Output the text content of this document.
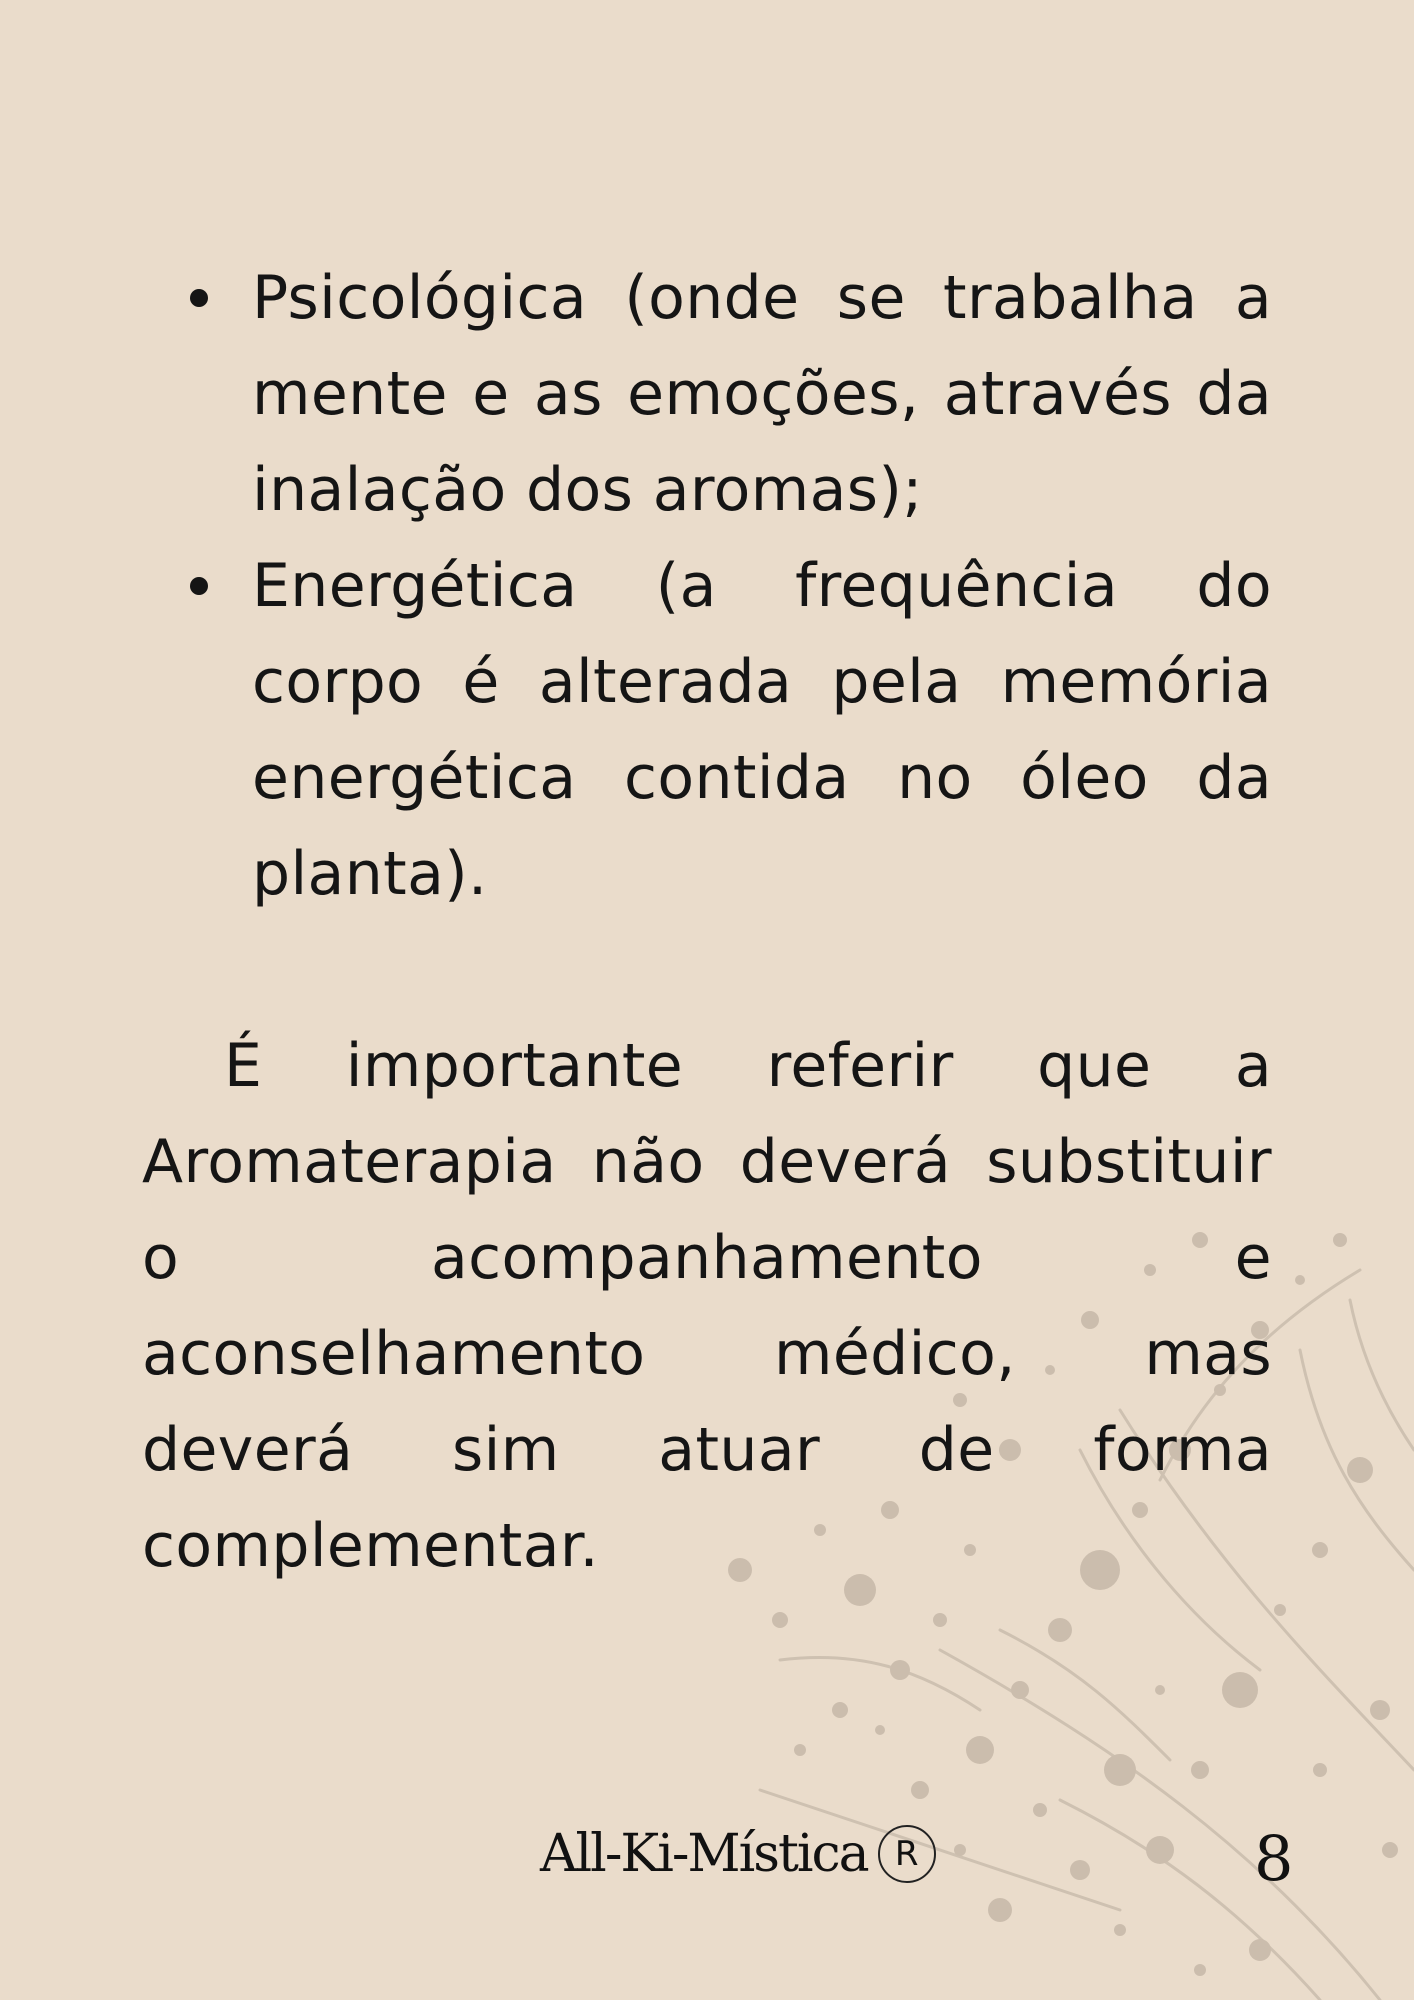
Psicológica (onde se trabalha a mente e as emoções, através da inalação dos aromas);
Energética (a frequência do corpo é alterada pela memória energética contida no óleo da planta).

É importante referir que a Aromaterapia não deverá substituir o acompanhamento e aconselhamento médico, mas deverá sim atuar de forma complementar.

All-Ki-Mística R	8
